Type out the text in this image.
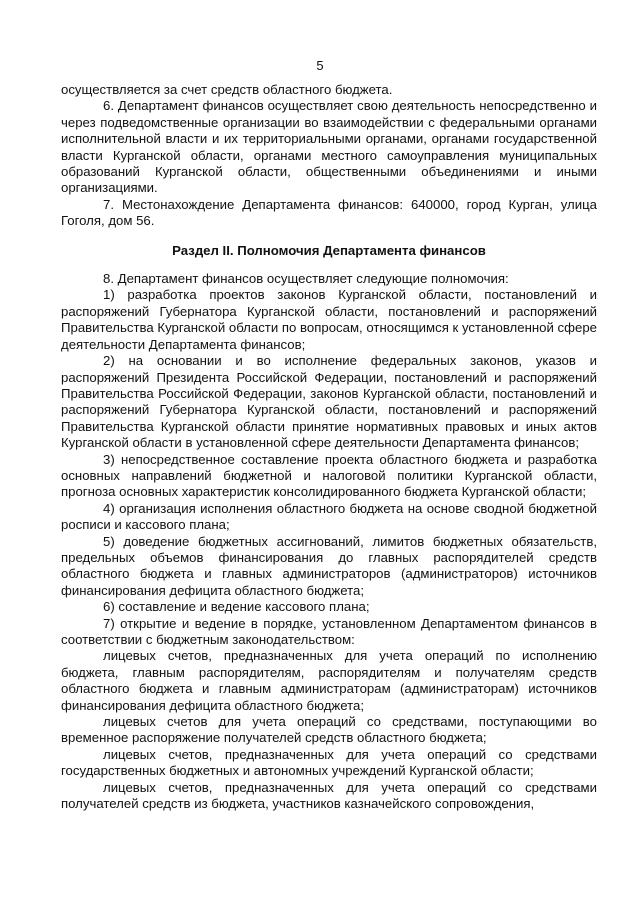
5

осуществляется за счет средств областного бюджета.

6. Департамент финансов осуществляет свою деятельность непосредственно и через подведомственные организации во взаимодействии с федеральными органами исполнительной власти и их территориальными органами, органами государственной власти Курганской области, органами местного самоуправления муниципальных образований Курганской области, общественными объединениями и иными организациями.

7. Местонахождение Департамента финансов: 640000, город Курган, улица Гоголя, дом 56.

Раздел II. Полномочия Департамента финансов

8. Департамент финансов осуществляет следующие полномочия:

1) разработка проектов законов Курганской области, постановлений и распоряжений Губернатора Курганской области, постановлений и распоряжений Правительства Курганской области по вопросам, относящимся к установленной сфере деятельности Департамента финансов;

2) на основании и во исполнение федеральных законов, указов и распоряжений Президента Российской Федерации, постановлений и распоряжений Правительства Российской Федерации, законов Курганской области, постановлений и распоряжений Губернатора Курганской области, постановлений и распоряжений Правительства Курганской области принятие нормативных правовых и иных актов Курганской области в установленной сфере деятельности Департамента финансов;

3) непосредственное составление проекта областного бюджета и разработка основных направлений бюджетной и налоговой политики Курганской области, прогноза основных характеристик консолидированного бюджета Курганской области;

4) организация исполнения областного бюджета на основе сводной бюджетной росписи и кассового плана;

5) доведение бюджетных ассигнований, лимитов бюджетных обязательств, предельных объемов финансирования до главных распорядителей средств областного бюджета и главных администраторов (администраторов) источников финансирования дефицита областного бюджета;

6) составление и ведение кассового плана;

7) открытие и ведение в порядке, установленном Департаментом финансов в соответствии с бюджетным законодательством:

лицевых счетов, предназначенных для учета операций по исполнению бюджета, главным распорядителям, распорядителям и получателям средств областного бюджета и главным администраторам (администраторам) источников финансирования дефицита областного бюджета;

лицевых счетов для учета операций со средствами, поступающими во временное распоряжение получателей средств областного бюджета;

лицевых счетов, предназначенных для учета операций со средствами государственных бюджетных и автономных учреждений Курганской области;

лицевых счетов, предназначенных для учета операций со средствами получателей средств из бюджета, участников казначейского сопровождения,
